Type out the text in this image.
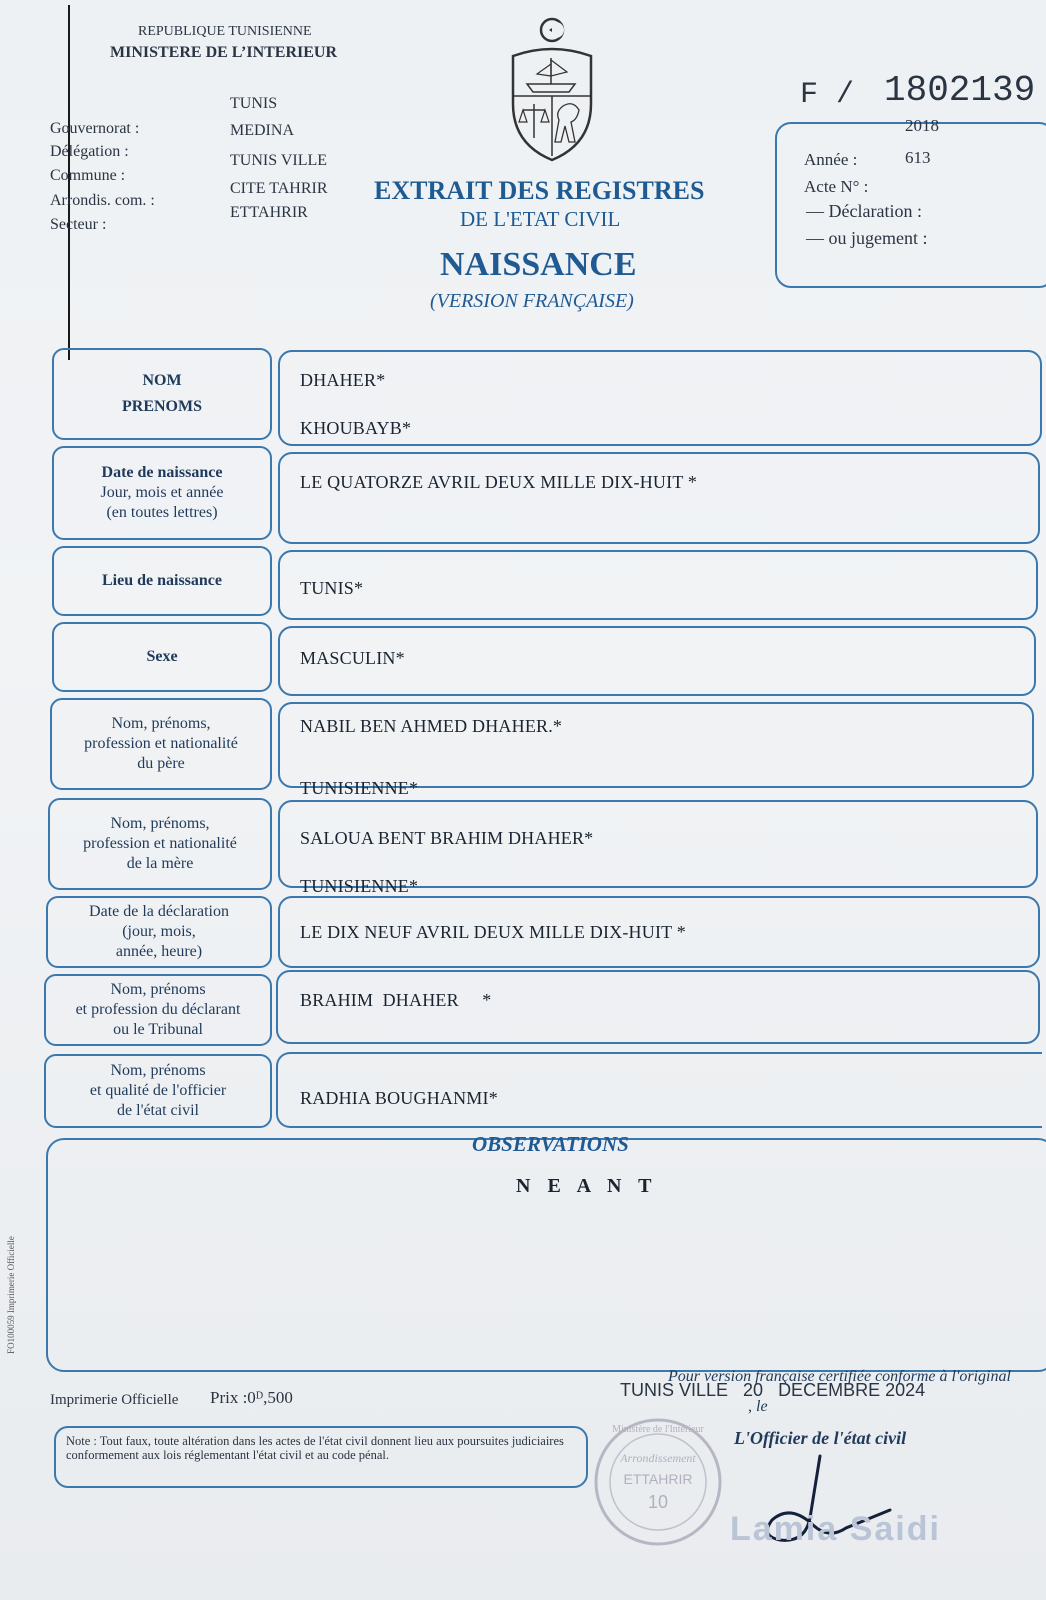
REPUBLIQUE TUNISIENNE
MINISTERE DE L’INTERIEUR
Gouvernorat :
TUNIS
Délégation :
MEDINA
Commune :
TUNIS VILLE
Arrondis. com. :
CITE TAHRIR
Secteur :
ETTAHRIR
F / 1802139
2018
Année :	613
Acte N° :
— Déclaration :
— ou jugement :
EXTRAIT DES REGISTRES
DE L'ETAT CIVIL
NAISSANCE
(VERSION FRANÇAISE)
NOM
PRENOMS
DHAHER*
KHOUBAYB*
Date de naissance
Jour, mois et année
(en toutes lettres)
LE QUATORZE AVRIL DEUX MILLE DIX-HUIT *
Lieu de naissance	TUNIS*
Sexe	MASCULIN*
Nom, prénoms,
profession et nationalité
du père
NABIL BEN AHMED DHAHER.*
TUNISIENNE*
Nom, prénoms,
profession et nationalité
de la mère
SALOUA BENT BRAHIM DHAHER*
TUNISIENNE*
Date de la déclaration
(jour, mois,
année, heure)
LE DIX NEUF AVRIL DEUX MILLE DIX-HUIT *
Nom, prénoms
et profession du déclarant
ou le Tribunal
BRAHIM  DHAHER     *
Nom, prénoms
et qualité de l'officier
de l'état civil
RADHIA BOUGHANMI*
OBSERVATIONS
N E A N T
FO100059 Imprimerie Officielle
Imprimerie Officielle Prix :0ᴰ,500	TUNIS VILLE   20   DECEMBRE 2024
Pour version française certifiée conforme à l'original
, le
L'Officier de l'état civil
Note : Tout faux, toute altération dans les actes de l'état civil donnent lieu aux poursuites judiciaires conformement aux lois réglementant l'état civil et au code pénal.	Arrondissement
ETTAHRIR
10
Ministère de l'Intérieur
Lamia Saidi
